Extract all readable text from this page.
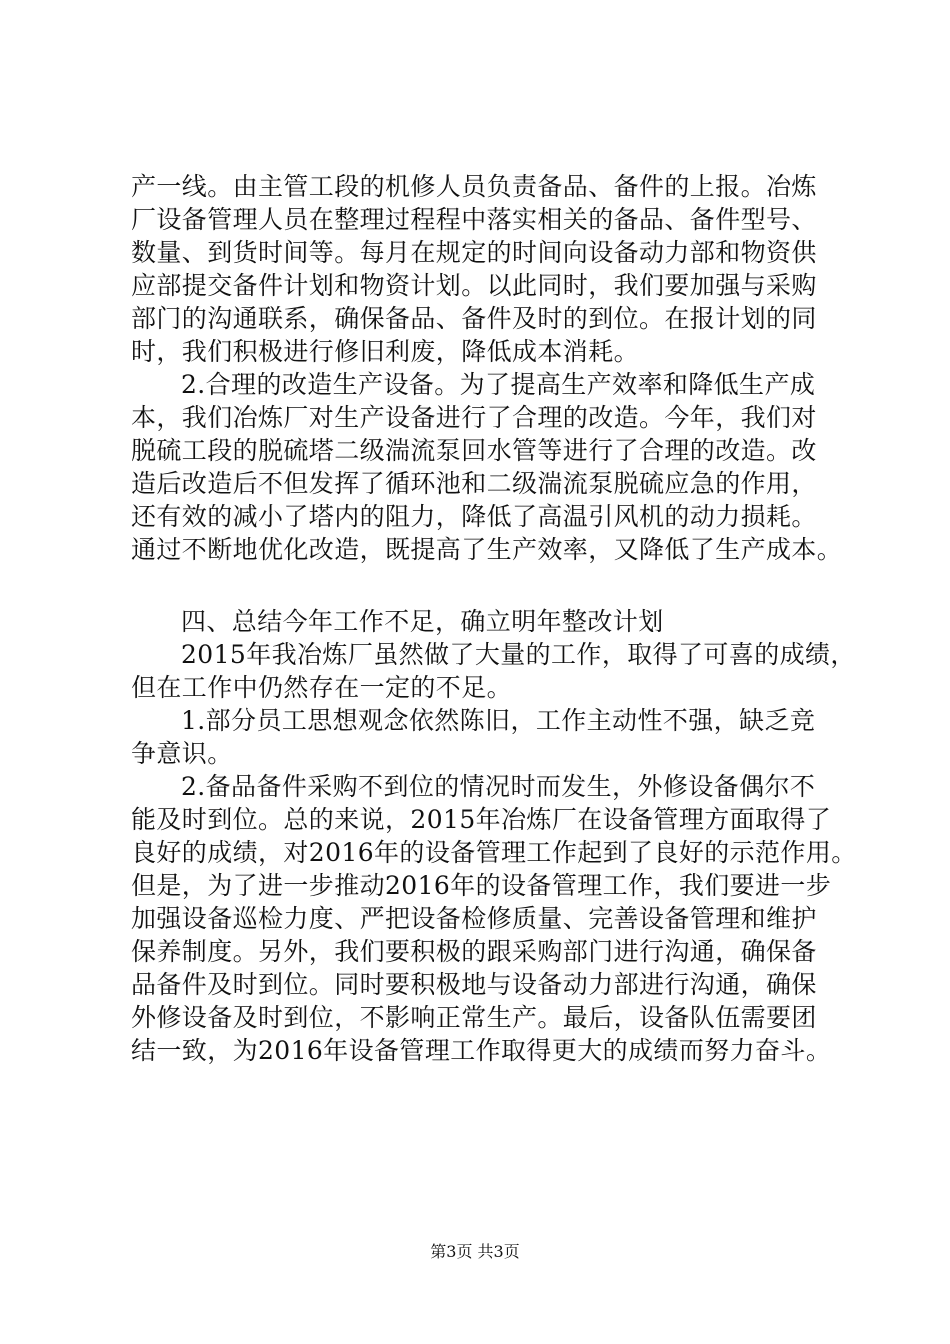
产一线。由主管工段的机修人员负责备品、备件的上报。冶炼
厂设备管理人员在整理过程程中落实相关的备品、备件型号、
数量、到货时间等。每月在规定的时间向设备动力部和物资供
应部提交备件计划和物资计划。以此同时，我们要加强与采购
部门的沟通联系，确保备品、备件及时的到位。在报计划的同
时，我们积极进行修旧利废，降低成本消耗。
2.合理的改造生产设备。为了提高生产效率和降低生产成
本，我们冶炼厂对生产设备进行了合理的改造。今年，我们对
脱硫工段的脱硫塔二级湍流泵回水管等进行了合理的改造。改
造后改造后不但发挥了循环池和二级湍流泵脱硫应急的作用，
还有效的减小了塔内的阻力，降低了高温引风机的动力损耗。
通过不断地优化改造，既提高了生产效率，又降低了生产成本。
四、总结今年工作不足，确立明年整改计划
2015年我冶炼厂虽然做了大量的工作，取得了可喜的成绩，
但在工作中仍然存在一定的不足。
1.部分员工思想观念依然陈旧，工作主动性不强，缺乏竞
争意识。
2.备品备件采购不到位的情况时而发生，外修设备偶尔不
能及时到位。总的来说，2015年冶炼厂在设备管理方面取得了
良好的成绩，对2016年的设备管理工作起到了良好的示范作用。
但是，为了进一步推动2016年的设备管理工作，我们要进一步
加强设备巡检力度、严把设备检修质量、完善设备管理和维护
保养制度。另外，我们要积极的跟采购部门进行沟通，确保备
品备件及时到位。同时要积极地与设备动力部进行沟通，确保
外修设备及时到位，不影响正常生产。最后，设备队伍需要团
结一致，为2016年设备管理工作取得更大的成绩而努力奋斗。
第3页 共3页
